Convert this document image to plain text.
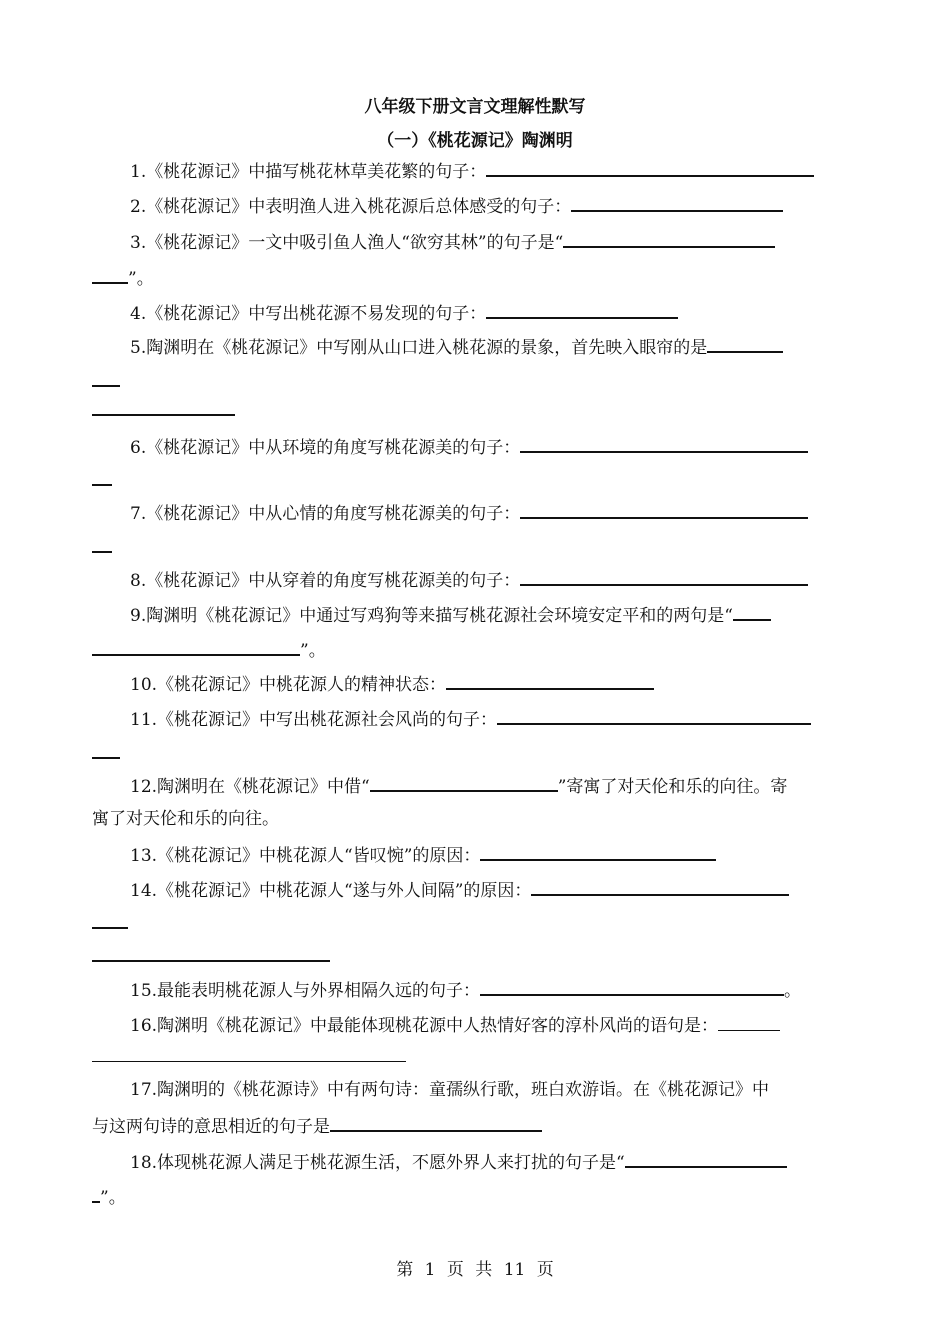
八年级下册文言文理解性默写
（一）《桃花源记》陶渊明
1.《桃花源记》中描写桃花林草美花繁的句子：
2.《桃花源记》中表明渔人进入桃花源后总体感受的句子：
3.《桃花源记》一文中吸引鱼人渔人“欲穷其林”的句子是“
”。
4.《桃花源记》中写出桃花源不易发现的句子：
5.陶渊明在《桃花源记》中写刚从山口进入桃花源的景象，首先映入眼帘的是
6.《桃花源记》中从环境的角度写桃花源美的句子：
7.《桃花源记》中从心情的角度写桃花源美的句子：
8.《桃花源记》中从穿着的角度写桃花源美的句子：
9.陶渊明《桃花源记》中通过写鸡狗等来描写桃花源社会环境安定平和的两句是“
”。
10.《桃花源记》中桃花源人的精神状态：
11.《桃花源记》中写出桃花源社会风尚的句子：
12.陶渊明在《桃花源记》中借“	”寄寓了对天伦和乐的向往。寄
寓了对天伦和乐的向往。
13.《桃花源记》中桃花源人“皆叹惋”的原因：
14.《桃花源记》中桃花源人“遂与外人间隔”的原因：
15.最能表明桃花源人与外界相隔久远的句子：	。
16.陶渊明《桃花源记》中最能体现桃花源中人热情好客的淳朴风尚的语句是：
17.陶渊明的《桃花源诗》中有两句诗：童孺纵行歌，班白欢游诣。在《桃花源记》中
与这两句诗的意思相近的句子是
18.体现桃花源人满足于桃花源生活，不愿外界人来打扰的句子是“
”。
第 1 页 共 11 页
